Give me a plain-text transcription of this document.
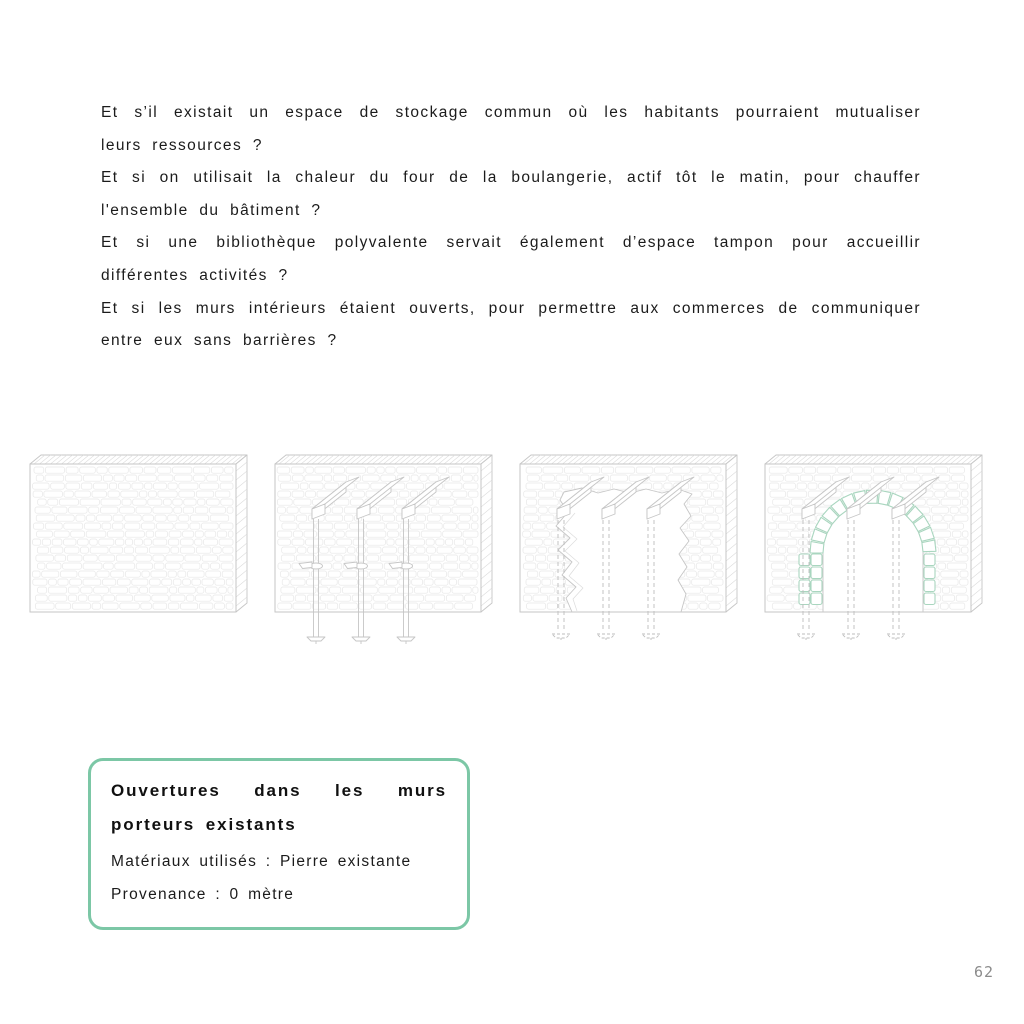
Et s’il existait un espace de stockage commun où les habitants pourraient mutualiser
leurs ressources ?
Et si on utilisait la chaleur du four de la boulangerie, actif tôt le matin, pour chauffer
l'ensemble du bâtiment ?
Et si une bibliothèque polyvalente servait également d’espace tampon pour accueillir
différentes activités ?
Et si les murs intérieurs étaient ouverts, pour permettre aux commerces de communiquer
entre eux sans barrières ?
Ouvertures dans les murs
porteurs existants
Matériaux utilisés : Pierre existante
Provenance : 0 mètre
62
